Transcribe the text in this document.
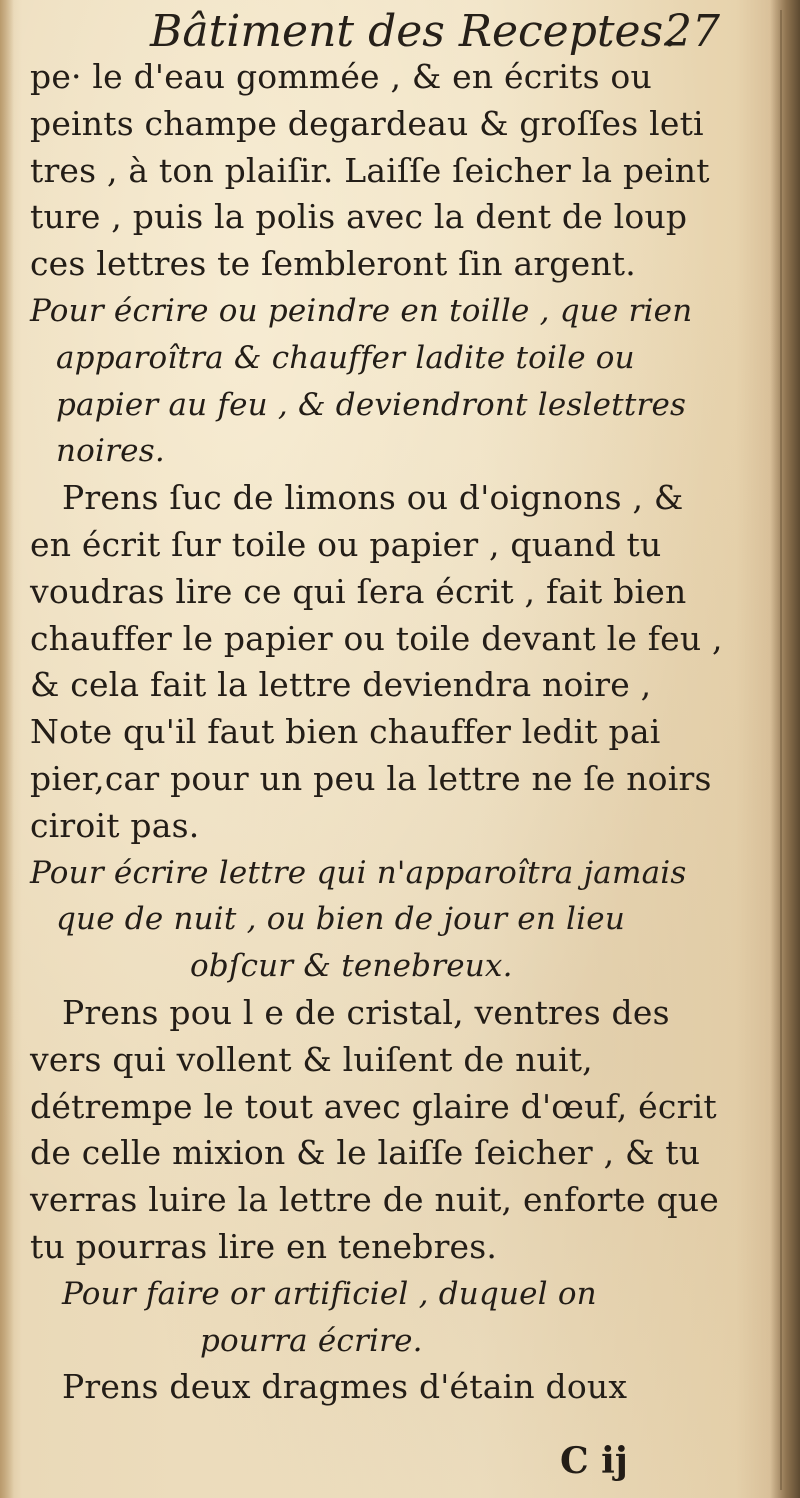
Bâtiment des Receptes.
27
pe· le d'eau gommée , & en écrits ou
peints champe degardeau & groſſes leti
tres , à ton plaiſir. Laiſſe ſeicher la peint
ture , puis la polis avec la dent de loup
ces lettres te ſembleront ſin argent.
Pour écrire ou peindre en toille , que rien
apparoîtra & chauffer ladite toile ou
papier au feu , & deviendront leslettres
noires.
Prens ſuc de limons ou d'oignons , &
en écrit ſur toile ou papier , quand tu
voudras lire ce qui ſera écrit , fait bien
chauffer le papier ou toile devant le feu ,
& cela fait la lettre deviendra noire ,
Note qu'il faut bien chauffer ledit pai
pier,car pour un peu la lettre ne ſe noirs
ciroit pas.
Pour écrire lettre qui n'apparoîtra jamais
que de nuit , ou bien de jour en lieu
obſcur & tenebreux.
Prens pou l e de cristal, ventres des
vers qui vollent & luiſent de nuit,
détrempe le tout avec glaire d'œuf, écrit
de celle mixion & le laiſſe ſeicher , & tu
verras luire la lettre de nuit, enforte que
tu pourras lire en tenebres.
Pour faire or artificiel , duquel on
pourra écrire.
Prens deux dragmes d'étain doux
C ij
